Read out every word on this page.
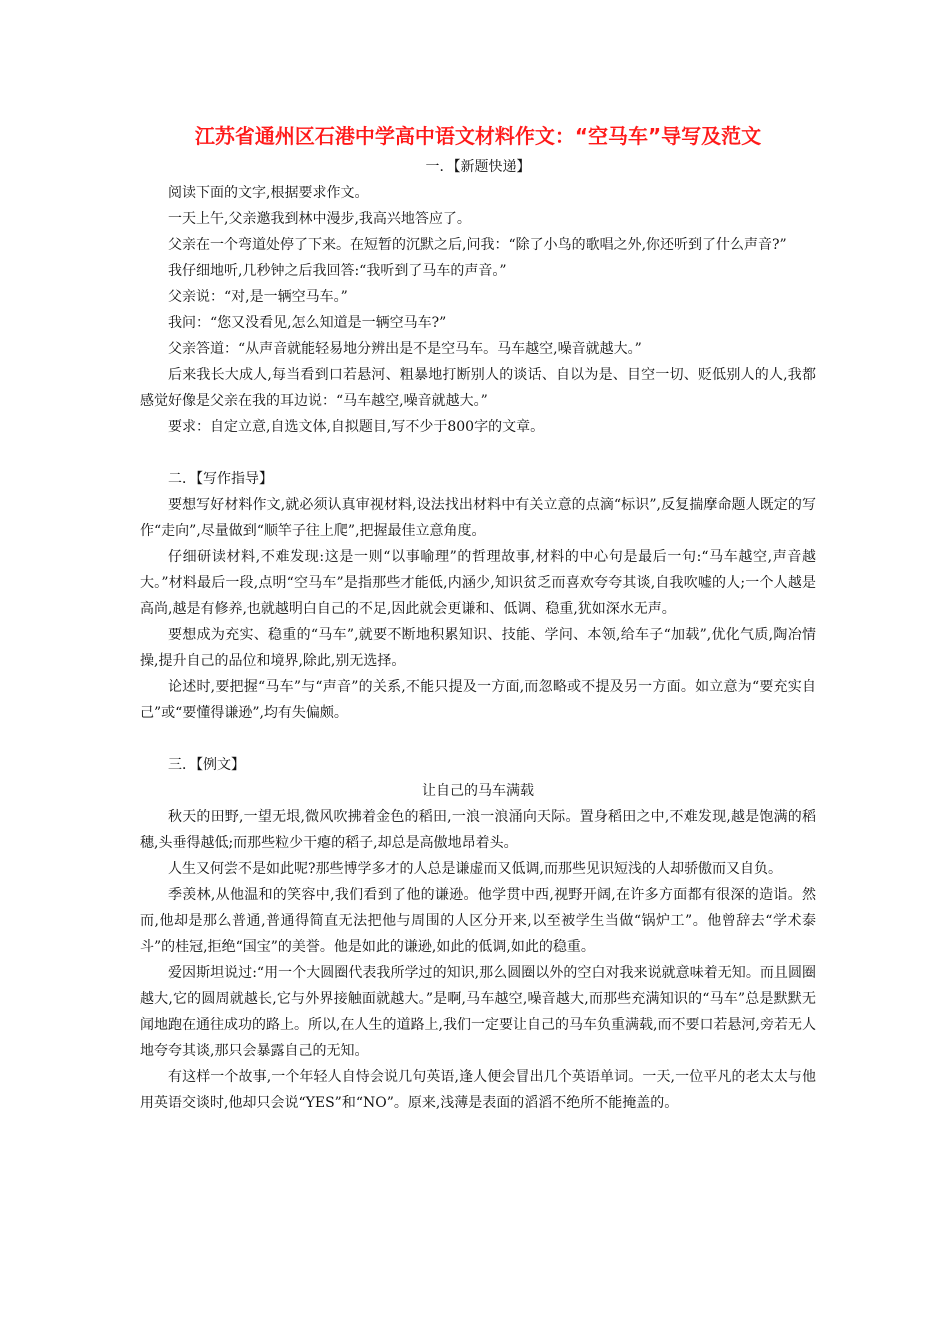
江苏省通州区石港中学高中语文材料作文：“空马车”导写及范文

一．【新题快递】

阅读下面的文字,根据要求作文。

一天上午,父亲邀我到林中漫步,我高兴地答应了。

父亲在一个弯道处停了下来。在短暂的沉默之后,问我：“除了小鸟的歌唱之外,你还听到了什么声音?”

我仔细地听,几秒钟之后我回答:“我听到了马车的声音。”

父亲说：“对,是一辆空马车。”

我问：“您又没看见,怎么知道是一辆空马车?”

父亲答道：“从声音就能轻易地分辨出是不是空马车。马车越空,噪音就越大。”

后来我长大成人,每当看到口若悬河、粗暴地打断别人的谈话、自以为是、目空一切、贬低别人的人,我都感觉好像是父亲在我的耳边说：“马车越空,噪音就越大。”

要求：自定立意,自选文体,自拟题目,写不少于800字的文章。

二．【写作指导】

要想写好材料作文,就必须认真审视材料,设法找出材料中有关立意的点滴“标识”,反复揣摩命题人既定的写作“走向”,尽量做到“顺竿子往上爬”,把握最佳立意角度。

仔细研读材料,不难发现:这是一则“以事喻理”的哲理故事,材料的中心句是最后一句:“马车越空,声音越大。”材料最后一段,点明“空马车”是指那些才能低,内涵少,知识贫乏而喜欢夸夸其谈,自我吹嘘的人;一个人越是高尚,越是有修养,也就越明白自己的不足,因此就会更谦和、低调、稳重,犹如深水无声。

要想成为充实、稳重的“马车”,就要不断地积累知识、技能、学问、本领,给车子“加载”,优化气质,陶冶情操,提升自己的品位和境界,除此,别无选择。

论述时,要把握“马车”与“声音”的关系,不能只提及一方面,而忽略或不提及另一方面。如立意为“要充实自己”或“要懂得谦逊”,均有失偏颇。

三．【例文】

让自己的马车满载

秋天的田野,一望无垠,微风吹拂着金色的稻田,一浪一浪涌向天际。置身稻田之中,不难发现,越是饱满的稻穗,头垂得越低;而那些粒少干瘪的稻子,却总是高傲地昂着头。

人生又何尝不是如此呢?那些博学多才的人总是谦虚而又低调,而那些见识短浅的人却骄傲而又自负。

季羡林,从他温和的笑容中,我们看到了他的谦逊。他学贯中西,视野开阔,在许多方面都有很深的造诣。然而,他却是那么普通,普通得简直无法把他与周围的人区分开来,以至被学生当做“锅炉工”。他曾辞去“学术泰斗”的桂冠,拒绝“国宝”的美誉。他是如此的谦逊,如此的低调,如此的稳重。

爱因斯坦说过:“用一个大圆圈代表我所学过的知识,那么圆圈以外的空白对我来说就意味着无知。而且圆圈越大,它的圆周就越长,它与外界接触面就越大。”是啊,马车越空,噪音越大,而那些充满知识的“马车”总是默默无闻地跑在通往成功的路上。所以,在人生的道路上,我们一定要让自己的马车负重满载,而不要口若悬河,旁若无人地夸夸其谈,那只会暴露自己的无知。

有这样一个故事,一个年轻人自恃会说几句英语,逢人便会冒出几个英语单词。一天,一位平凡的老太太与他用英语交谈时,他却只会说“YES”和“NO”。原来,浅薄是表面的滔滔不绝所不能掩盖的。
